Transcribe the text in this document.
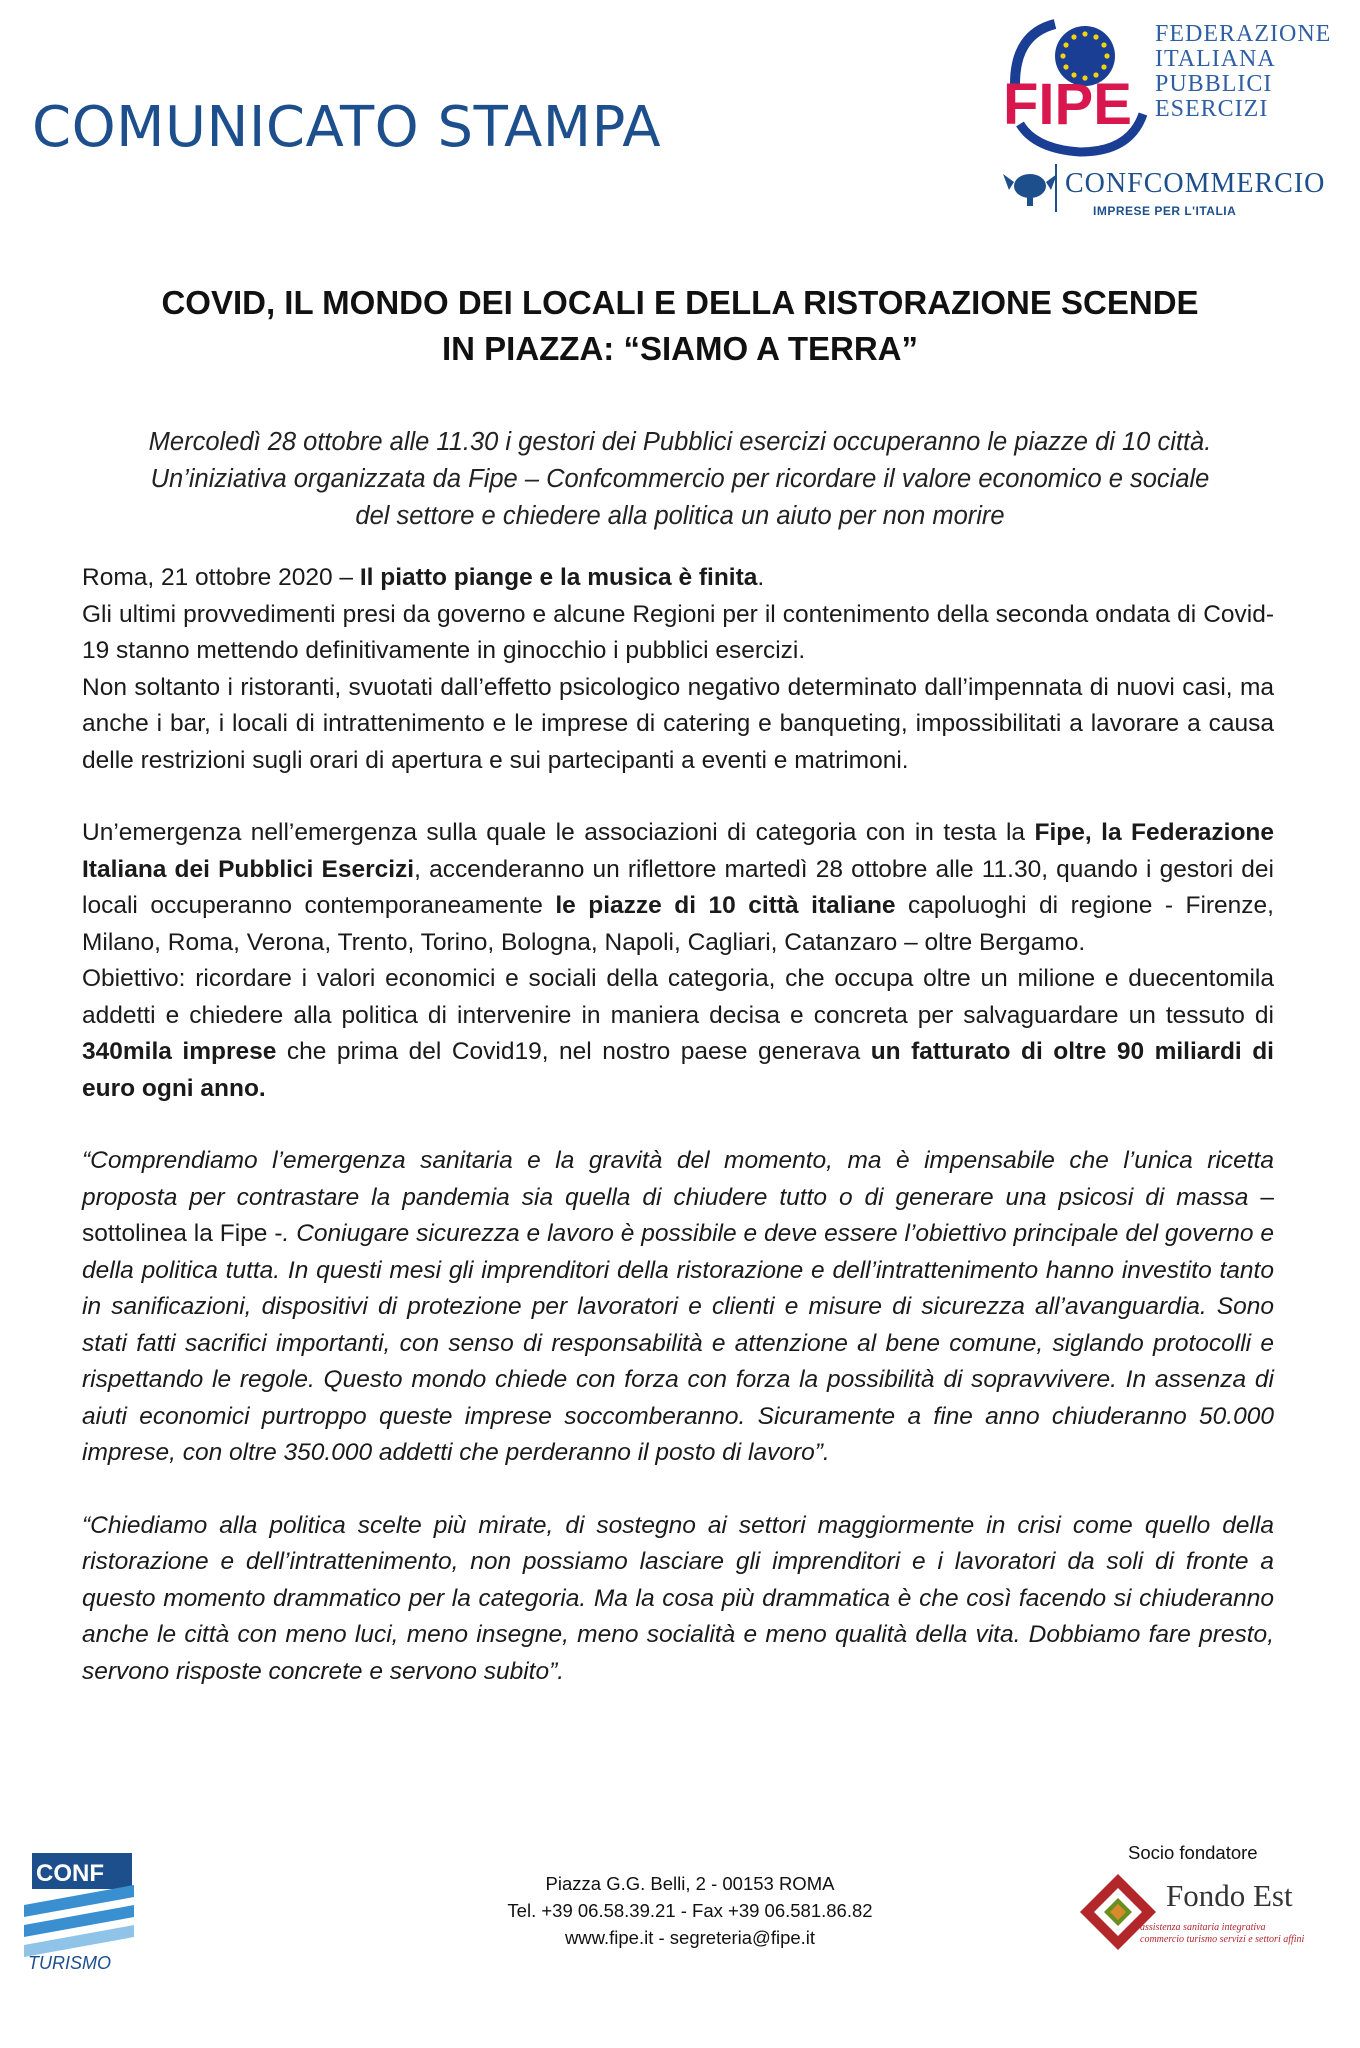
COMUNICATO STAMPA	FIPE

FEDERAZIONE
ITALIANA
PUBBLICI
ESERCIZI

CONFCOMMERCIO

IMPRESE PER L'ITALIA

COVID, IL MONDO DEI LOCALI E DELLA RISTORAZIONE SCENDE
IN PIAZZA: “SIAMO A TERRA”

Mercoledì 28 ottobre alle 11.30 i gestori dei Pubblici esercizi occuperanno le piazze di 10 città.
Un’iniziativa organizzata da Fipe – Confcommercio per ricordare il valore economico e sociale
del settore e chiedere alla politica un aiuto per non morire

Roma, 21 ottobre 2020 – Il piatto piange e la musica è finita.
Gli ultimi provvedimenti presi da governo e alcune Regioni per il contenimento della seconda ondata di Covid-19 stanno mettendo definitivamente in ginocchio i pubblici esercizi.
Non soltanto i ristoranti, svuotati dall’effetto psicologico negativo determinato dall’impennata di nuovi casi, ma anche i bar, i locali di intrattenimento e le imprese di catering e banqueting, impossibilitati a lavorare a causa delle restrizioni sugli orari di apertura e sui partecipanti a eventi e matrimoni.

Un’emergenza nell’emergenza sulla quale le associazioni di categoria con in testa la Fipe, la Federazione Italiana dei Pubblici Esercizi, accenderanno un riflettore martedì 28 ottobre alle 11.30, quando i gestori dei locali occuperanno contemporaneamente le piazze di 10 città italiane capoluoghi di regione - Firenze, Milano, Roma, Verona, Trento, Torino, Bologna, Napoli, Cagliari, Catanzaro – oltre Bergamo.
Obiettivo: ricordare i valori economici e sociali della categoria, che occupa oltre un milione e duecentomila addetti e chiedere alla politica di intervenire in maniera decisa e concreta per salvaguardare un tessuto di 340mila imprese che prima del Covid19, nel nostro paese generava un fatturato di oltre 90 miliardi di euro ogni anno.

“Comprendiamo l’emergenza sanitaria e la gravità del momento, ma è impensabile che l’unica ricetta proposta per contrastare la pandemia sia quella di chiudere tutto o di generare una psicosi di massa – sottolinea la Fipe -. Coniugare sicurezza e lavoro è possibile e deve essere l’obiettivo principale del governo e della politica tutta. In questi mesi gli imprenditori della ristorazione e dell’intrattenimento hanno investito tanto in sanificazioni, dispositivi di protezione per lavoratori e clienti e misure di sicurezza all’avanguardia. Sono stati fatti sacrifici importanti, con senso di responsabilità e attenzione al bene comune, siglando protocolli e rispettando le regole. Questo mondo chiede con forza con forza la possibilità di sopravvivere. In assenza di aiuti economici purtroppo queste imprese soccomberanno. Sicuramente a fine anno chiuderanno 50.000 imprese, con oltre 350.000 addetti che perderanno il posto di lavoro”.

“Chiediamo alla politica scelte più mirate, di sostegno ai settori maggiormente in crisi come quello della ristorazione e dell’intrattenimento, non possiamo lasciare gli imprenditori e i lavoratori da soli di fronte a questo momento drammatico per la categoria. Ma la cosa più drammatica è che così facendo si chiuderanno anche le città con meno luci, meno insegne, meno socialità e meno qualità della vita. Dobbiamo fare presto, servono risposte concrete e servono subito”.

CONF
TURISMO

Piazza G.G. Belli, 2 - 00153 ROMA

Tel. +39 06.58.39.21 - Fax +39 06.581.86.82

www.fipe.it - segreteria@fipe.it

Socio fondatore

Fondo Est

assistenza sanitaria integrativa
commercio turismo servizi e settori affini
